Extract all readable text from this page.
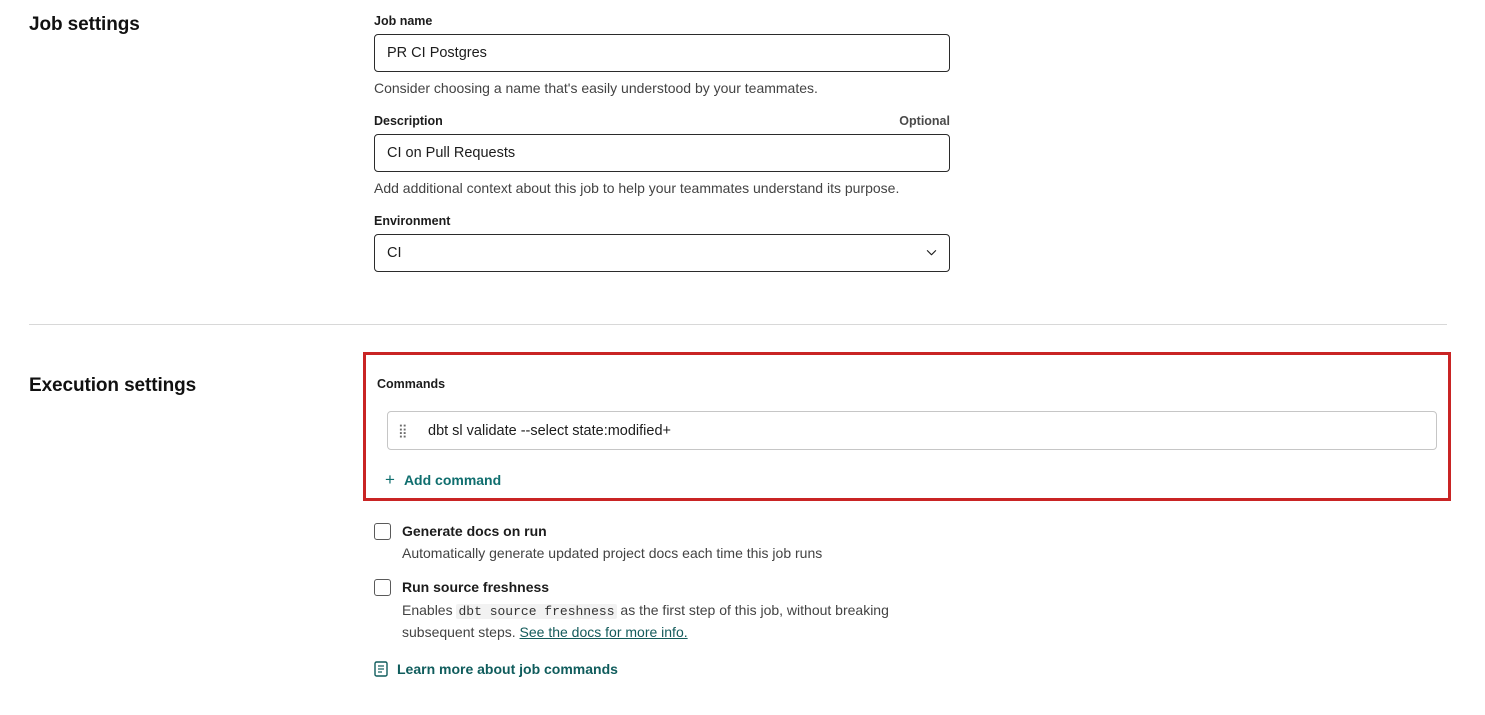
Job settings	Job name
PR CI Postgres
Consider choosing a name that's easily understood by your teammates.
Description	Optional
CI on Pull Requests
Add additional context about this job to help your teammates understand its purpose.
Environment
CI
Execution settings	Commands
⣿	dbt sl validate --select state:modified+
+ Add command
Generate docs on run
Automatically generate updated project docs each time this job runs
Run source freshness
Enables dbt source freshness as the first step of this job, without breaking subsequent steps. See the docs for more info.
Learn more about job commands
